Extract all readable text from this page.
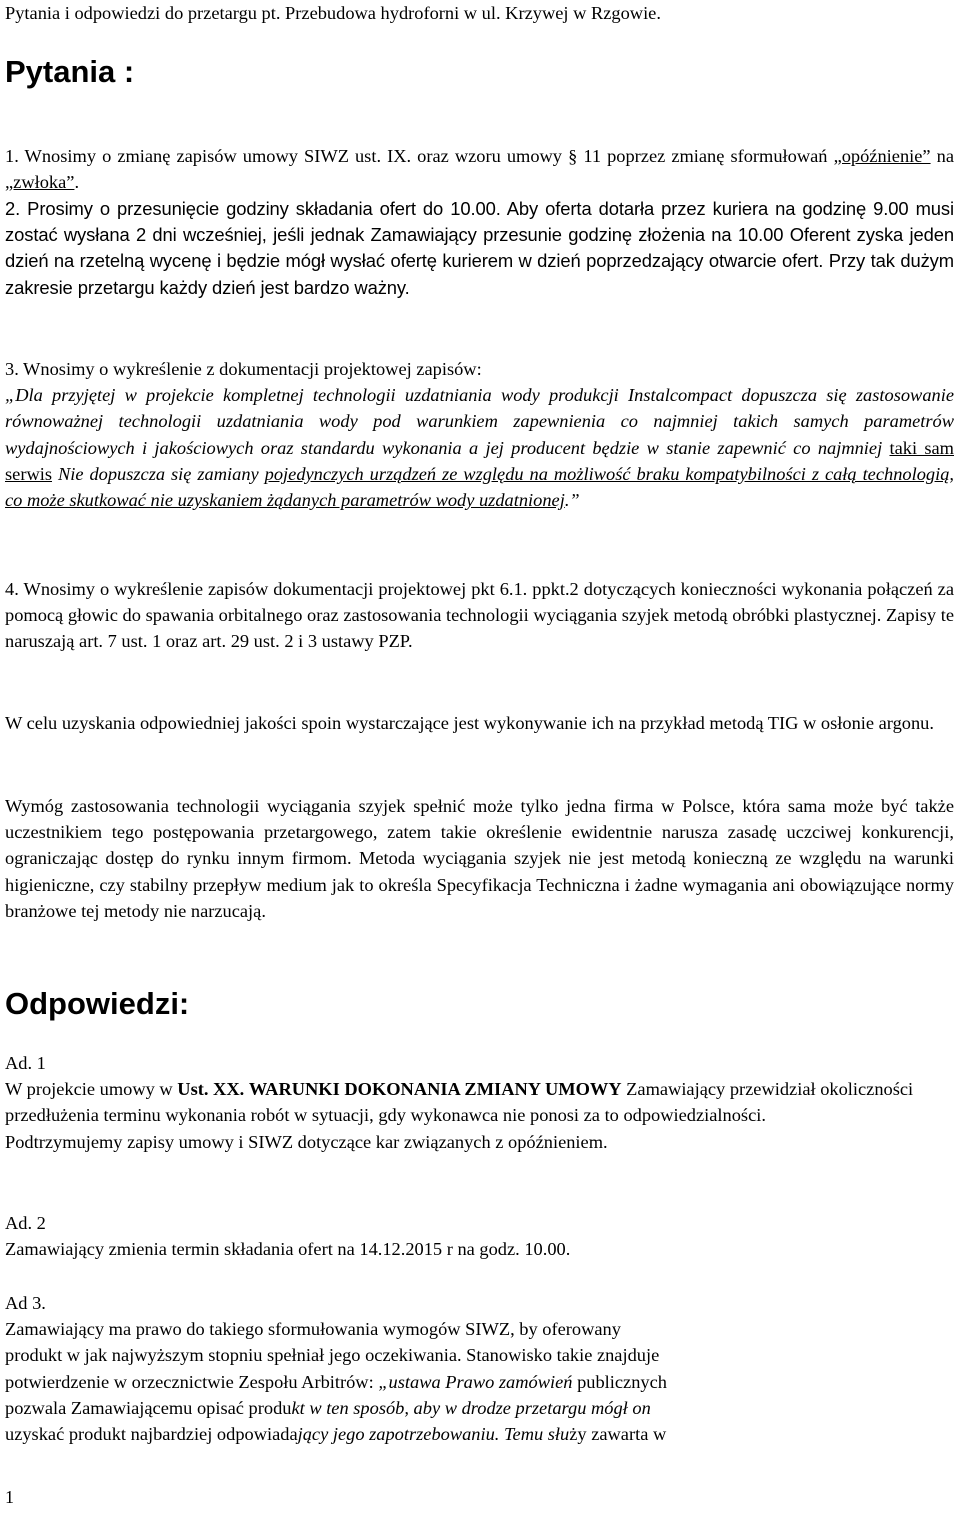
Pytania i odpowiedzi do przetargu pt. Przebudowa hydroforni w ul. Krzywej w Rzgowie.
Pytania :

1. Wnosimy o zmianę zapisów umowy SIWZ ust. IX. oraz wzoru umowy § 11 poprzez zmianę sformułowań „opóźnienie” na „zwłoka”.

2. Prosimy o przesunięcie godziny składania ofert do 10.00. Aby oferta dotarła przez kuriera na godzinę 9.00 musi zostać wysłana 2 dni wcześniej, jeśli jednak Zamawiający przesunie godzinę złożenia na 10.00 Oferent zyska jeden dzień na rzetelną wycenę i będzie mógł wysłać ofertę kurierem w dzień poprzedzający otwarcie ofert. Przy tak dużym zakresie przetargu każdy dzień jest bardzo ważny.

3. Wnosimy o wykreślenie z dokumentacji projektowej zapisów:
„Dla przyjętej w projekcie kompletnej technologii uzdatniania wody produkcji Instalcompact dopuszcza się zastosowanie równoważnej technologii uzdatniania wody pod warunkiem zapewnienia co najmniej takich samych parametrów wydajnościowych i jakościowych oraz standardu wykonania a jej producent będzie w stanie zapewnić co najmniej taki sam serwis Nie dopuszcza się zamiany pojedynczych urządzeń ze względu na możliwość braku kompatybilności z całą technologią, co może skutkować nie uzyskaniem żądanych parametrów wody uzdatnionej.”

4. Wnosimy o wykreślenie zapisów dokumentacji projektowej pkt 6.1. ppkt.2 dotyczących konieczności wykonania połączeń za pomocą głowic do spawania orbitalnego oraz zastosowania technologii wyciągania szyjek metodą obróbki plastycznej. Zapisy te naruszają art. 7 ust. 1 oraz art. 29 ust. 2 i 3 ustawy PZP.

W celu uzyskania odpowiedniej jakości spoin wystarczające jest wykonywanie ich na przykład metodą TIG w osłonie argonu.

Wymóg zastosowania technologii wyciągania szyjek spełnić może tylko jedna firma w Polsce, która sama może być także uczestnikiem tego postępowania przetargowego, zatem takie określenie ewidentnie narusza zasadę uczciwej konkurencji, ograniczając dostęp do rynku innym firmom. Metoda wyciągania szyjek nie jest metodą konieczną ze względu na warunki higieniczne, czy stabilny przepływ medium jak to określa Specyfikacja Techniczna i żadne wymagania ani obowiązujące normy branżowe tej metody nie narzucają.

Odpowiedzi:
Ad. 1
W projekcie umowy w Ust. XX. WARUNKI DOKONANIA ZMIANY UMOWY Zamawiający przewidział okoliczności przedłużenia terminu wykonania robót w sytuacji, gdy wykonawca nie ponosi za to odpowiedzialności.
Podtrzymujemy zapisy umowy i SIWZ dotyczące kar związanych z opóźnieniem.
Ad. 2
Zamawiający zmienia termin składania ofert na 14.12.2015 r na godz. 10.00.
Ad 3.
Zamawiający ma prawo do takiego sformułowania wymogów SIWZ, by oferowany
produkt w jak najwyższym stopniu spełniał jego oczekiwania. Stanowisko takie znajduje
potwierdzenie w orzecznictwie Zespołu Arbitrów: „ustawa Prawo zamówień publicznych
pozwala Zamawiającemu opisać produkt w ten sposób, aby w drodze przetargu mógł on
uzyskać produkt najbardziej odpowiadający jego zapotrzebowaniu. Temu służy zawarta w
1
